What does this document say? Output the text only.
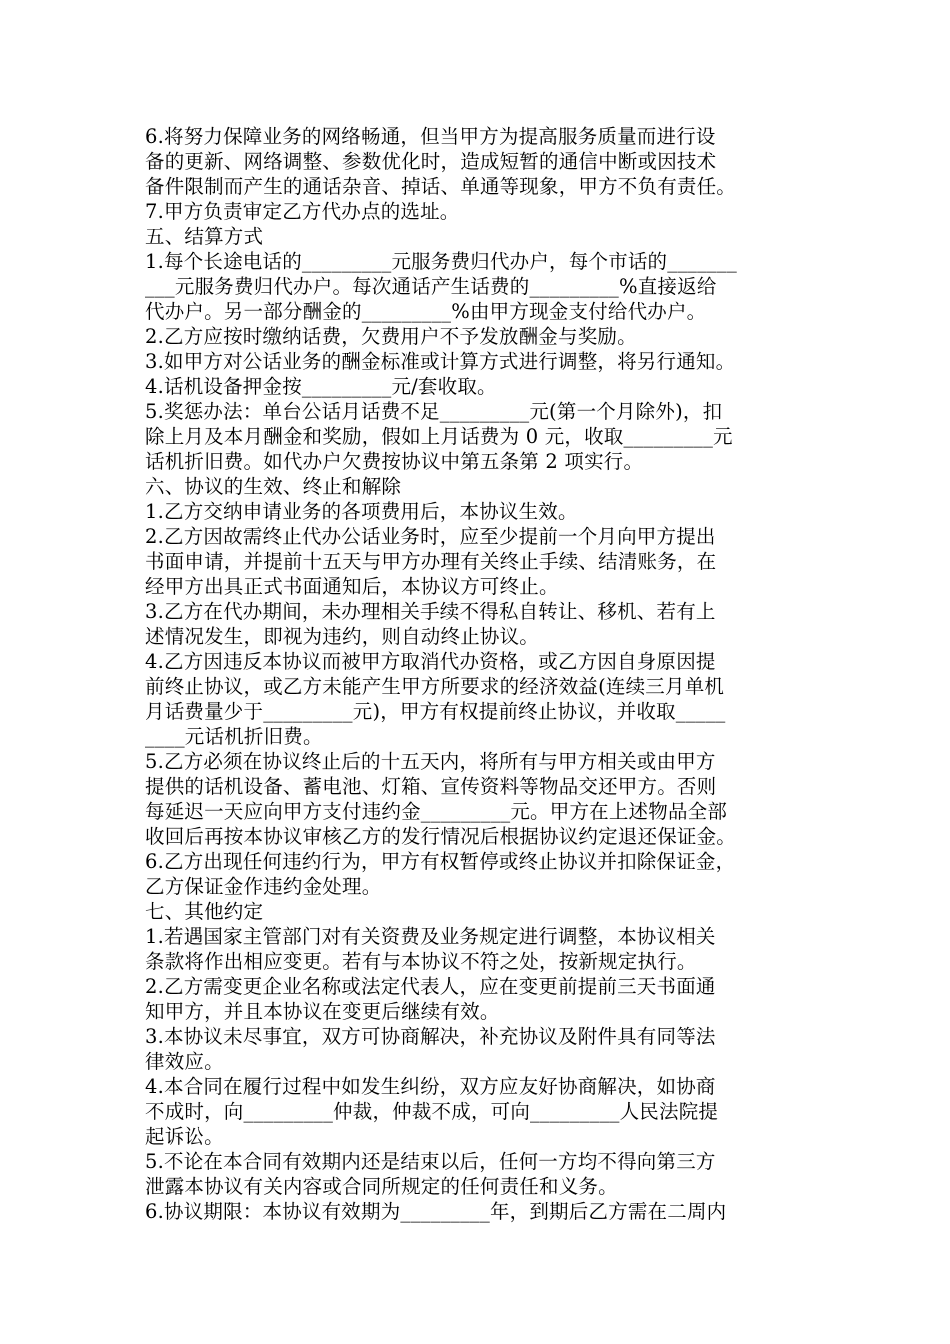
6.将努力保障业务的网络畅通，但当甲方为提高服务质量而进行设
备的更新、网络调整、参数优化时，造成短暂的通信中断或因技术
备件限制而产生的通话杂音、掉话、单通等现象，甲方不负有责任。
7.甲方负责审定乙方代办点的选址。
五、结算方式
1.每个长途电话的_________元服务费归代办户，每个市话的_______
___元服务费归代办户。每次通话产生话费的_________%直接返给
代办户。另一部分酬金的_________%由甲方现金支付给代办户。
2.乙方应按时缴纳话费，欠费用户不予发放酬金与奖励。
3.如甲方对公话业务的酬金标准或计算方式进行调整，将另行通知。
4.话机设备押金按_________元/套收取。
5.奖惩办法：单台公话月话费不足_________元(第一个月除外)，扣
除上月及本月酬金和奖励，假如上月话费为 0 元，收取_________元
话机折旧费。如代办户欠费按协议中第五条第 2 项实行。
六、协议的生效、终止和解除
1.乙方交纳申请业务的各项费用后，本协议生效。
2.乙方因故需终止代办公话业务时，应至少提前一个月向甲方提出
书面申请，并提前十五天与甲方办理有关终止手续、结清账务，在
经甲方出具正式书面通知后，本协议方可终止。
3.乙方在代办期间，未办理相关手续不得私自转让、移机、若有上
述情况发生，即视为违约，则自动终止协议。
4.乙方因违反本协议而被甲方取消代办资格，或乙方因自身原因提
前终止协议，或乙方未能产生甲方所要求的经济效益(连续三月单机
月话费量少于_________元)，甲方有权提前终止协议，并收取_____
____元话机折旧费。
5.乙方必须在协议终止后的十五天内，将所有与甲方相关或由甲方
提供的话机设备、蓄电池、灯箱、宣传资料等物品交还甲方。否则
每延迟一天应向甲方支付违约金_________元。甲方在上述物品全部
收回后再按本协议审核乙方的发行情况后根据协议约定退还保证金。
6.乙方出现任何违约行为，甲方有权暂停或终止协议并扣除保证金，
乙方保证金作违约金处理。
七、其他约定
1.若遇国家主管部门对有关资费及业务规定进行调整，本协议相关
条款将作出相应变更。若有与本协议不符之处，按新规定执行。
2.乙方需变更企业名称或法定代表人，应在变更前提前三天书面通
知甲方，并且本协议在变更后继续有效。
3.本协议未尽事宜，双方可协商解决，补充协议及附件具有同等法
律效应。
4.本合同在履行过程中如发生纠纷，双方应友好协商解决，如协商
不成时，向_________仲裁，仲裁不成，可向_________人民法院提
起诉讼。
5.不论在本合同有效期内还是结束以后，任何一方均不得向第三方
泄露本协议有关内容或合同所规定的任何责任和义务。
6.协议期限：本协议有效期为_________年，到期后乙方需在二周内
